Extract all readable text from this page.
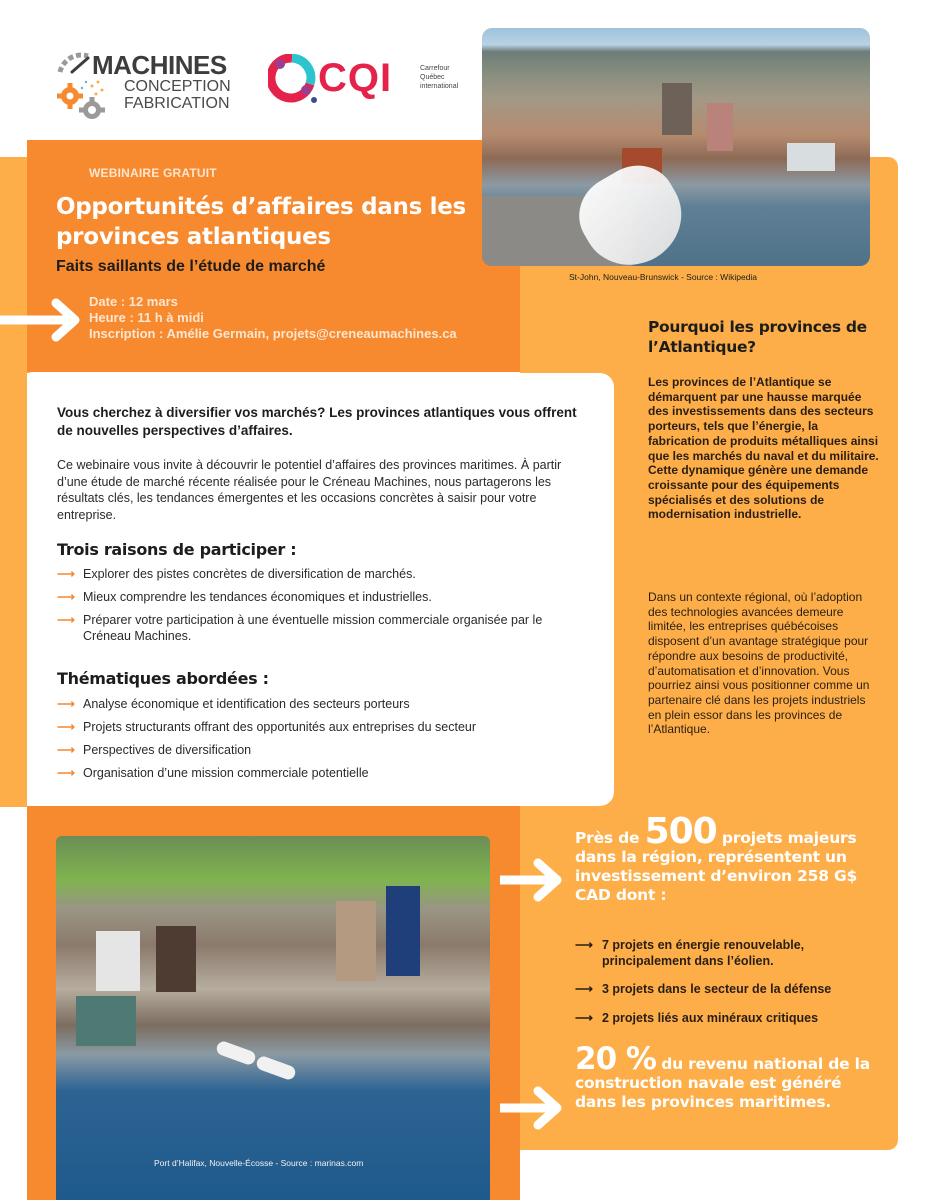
MACHINES
CONCEPTION
FABRICATION
CQI	Carrefour
Québec
international
WEBINAIRE GRATUIT
Opportunités d’affaires dans les provinces atlantiques
Faits saillants de l’étude de marché
Date : 12 mars
Heure : 11 h à midi
Inscription : Amélie Germain, projets@creneaumachines.ca
St-John, Nouveau-Brunswick - Source : Wikipedia

Vous cherchez à diversifier vos marchés? Les provinces atlantiques vous offrent de nouvelles perspectives d’affaires.

Ce webinaire vous invite à découvrir le potentiel d’affaires des provinces maritimes. À partir d’une étude de marché récente réalisée pour le Créneau Machines, nous partagerons les résultats clés, les tendances émergentes et les occasions concrètes à saisir pour votre entreprise.

Trois raisons de participer :
⟶ Explorer des pistes concrètes de diversification de marchés.
⟶ Mieux comprendre les tendances économiques et industrielles.
⟶ Préparer votre participation à une éventuelle mission commerciale organisée par le Créneau Machines.
Thématiques abordées :
⟶ Analyse économique et identification des secteurs porteurs
⟶ Projets structurants offrant des opportunités aux entreprises du secteur
⟶ Perspectives de diversification
⟶ Organisation d’une mission commerciale potentielle
Pourquoi les provinces de l’Atlantique?

Les provinces de l’Atlantique se démarquent par une hausse marquée des investissements dans des secteurs porteurs, tels que l’énergie, la fabrication de produits métalliques ainsi que les marchés du naval et du militaire. Cette dynamique génère une demande croissante pour des équipements spécialisés et des solutions de modernisation industrielle.

Dans un contexte régional, où l’adoption des technologies avancées demeure limitée, les entreprises québécoises disposent d’un avantage stratégique pour répondre aux besoins de productivité, d’automatisation et d’innovation. Vous pourriez ainsi vous positionner comme un partenaire clé dans les projets industriels en plein essor dans les provinces de l’Atlantique.

Port d’Halifax, Nouvelle-Écosse - Source : marinas.com
Près de 500 projets majeurs dans la région, représentent un investissement d’environ 258 G$ CAD dont :
⟶ 7 projets en énergie renouvelable, principalement dans l’éolien.
⟶ 3 projets dans le secteur de la défense
⟶ 2 projets liés aux minéraux critiques
20 % du revenu national de la construction navale est généré dans les provinces maritimes.
